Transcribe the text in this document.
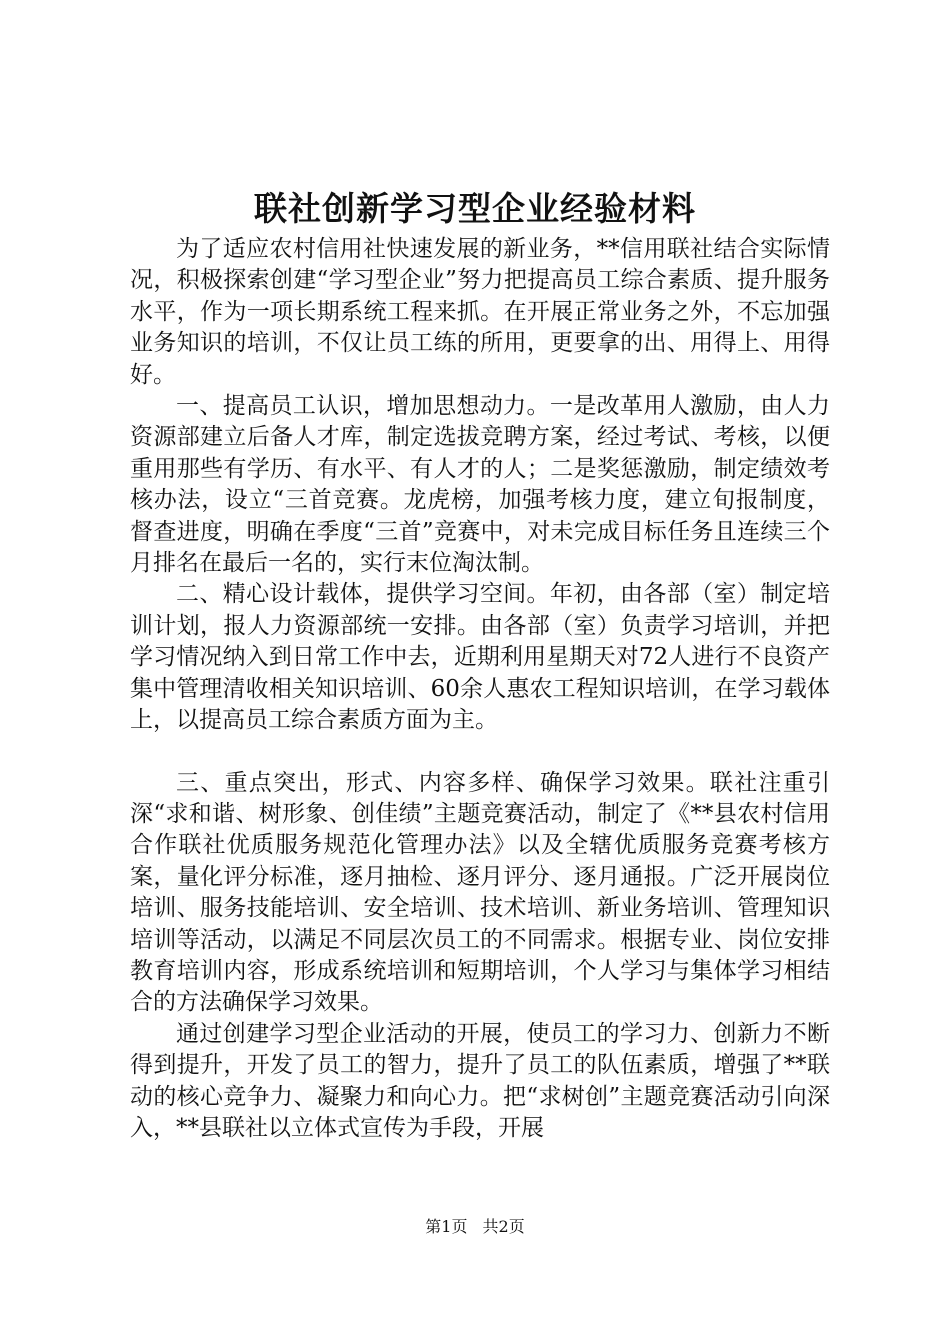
联社创新学习型企业经验材料

为了适应农村信用社快速发展的新业务，**信用联社结合实际情况，积极探索创建“学习型企业”努力把提高员工综合素质、提升服务水平，作为一项长期系统工程来抓。在开展正常业务之外，不忘加强业务知识的培训，不仅让员工练的所用，更要拿的出、用得上、用得好。

一、提高员工认识，增加思想动力。一是改革用人激励，由人力资源部建立后备人才库，制定选拔竞聘方案，经过考试、考核，以便重用那些有学历、有水平、有人才的人；二是奖惩激励，制定绩效考核办法，设立“三首竞赛。龙虎榜，加强考核力度，建立旬报制度，督查进度，明确在季度“三首”竞赛中，对未完成目标任务且连续三个月排名在最后一名的，实行末位淘汰制。

二、精心设计载体，提供学习空间。年初，由各部（室）制定培训计划，报人力资源部统一安排。由各部（室）负责学习培训，并把学习情况纳入到日常工作中去，近期利用星期天对72人进行不良资产集中管理清收相关知识培训、60余人惠农工程知识培训，在学习载体上，以提高员工综合素质方面为主。

三、重点突出，形式、内容多样、确保学习效果。联社注重引深“求和谐、树形象、创佳绩”主题竞赛活动，制定了《**县农村信用合作联社优质服务规范化管理办法》以及全辖优质服务竞赛考核方案，量化评分标准，逐月抽检、逐月评分、逐月通报。广泛开展岗位培训、服务技能培训、安全培训、技术培训、新业务培训、管理知识培训等活动，以满足不同层次员工的不同需求。根据专业、岗位安排教育培训内容，形成系统培训和短期培训，个人学习与集体学习相结合的方法确保学习效果。

通过创建学习型企业活动的开展，使员工的学习力、创新力不断得到提升，开发了员工的智力，提升了员工的队伍素质，增强了**联动的核心竞争力、凝聚力和向心力。把“求树创”主题竞赛活动引向深入，**县联社以立体式宣传为手段，开展

第1页 共2页
